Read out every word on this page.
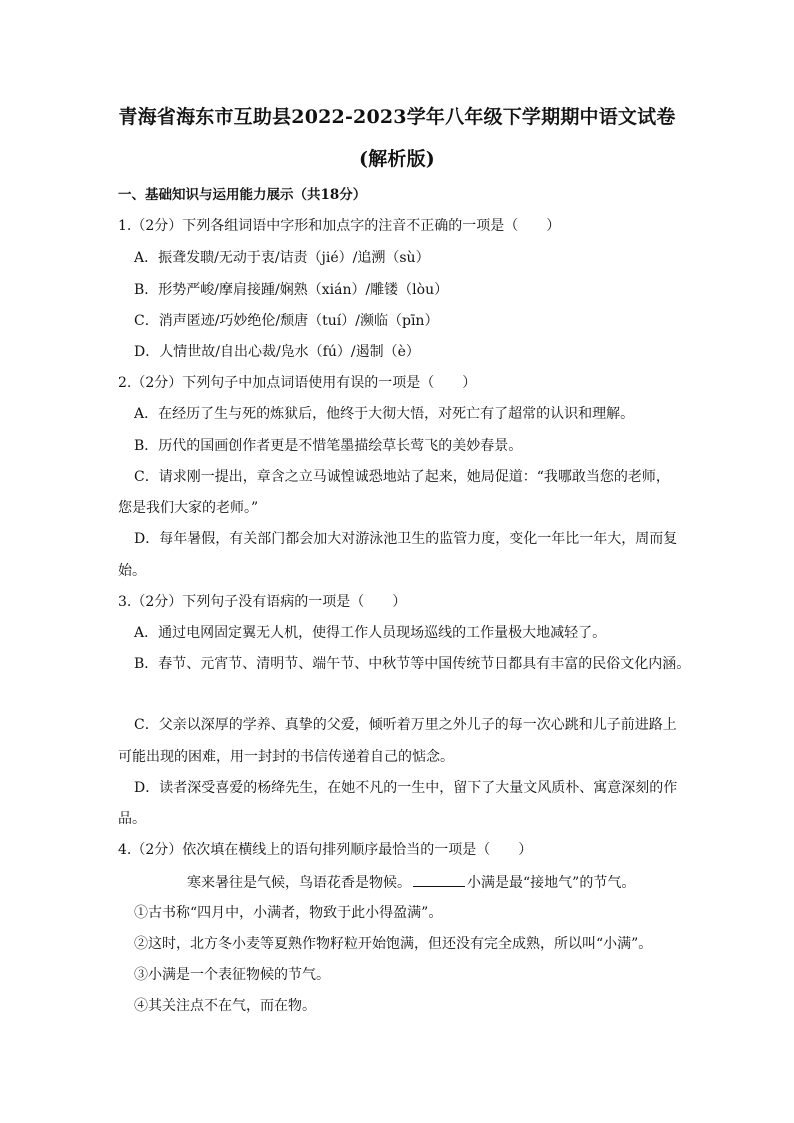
青海省海东市互助县2022-2023学年八年级下学期期中语文试卷
(解析版)
一、基础知识与运用能力展示（共18分）
1.（2分）下列各组词语中字形和加点字的注音不正确的一项是（　　）
A．振聋发聩/无动于衷/诘责（jié）/追溯（sù）
B．形势严峻/摩肩接踵/娴熟（xián）/雕镂（lòu）
C．消声匿迹/巧妙绝伦/颓唐（tuí）/濒临（pīn）
D．人情世故/自出心裁/凫水（fú）/遏制（è）
2.（2分）下列句子中加点词语使用有误的一项是（　　）
A．在经历了生与死的炼狱后，他终于大彻大悟，对死亡有了超常的认识和理解。
B．历代的国画创作者更是不惜笔墨描绘草长莺飞的美妙春景。
C．请求刚一提出，章含之立马诚惶诚恐地站了起来，她局促道：“我哪敢当您的老师，
您是我们大家的老师。”
D．每年暑假，有关部门都会加大对游泳池卫生的监管力度，变化一年比一年大，周而复
始。
3.（2分）下列句子没有语病的一项是（　　）
A．通过电网固定翼无人机，使得工作人员现场巡线的工作量极大地减轻了。
B．春节、元宵节、清明节、端午节、中秋节等中国传统节日都具有丰富的民俗文化内涵。
C．父亲以深厚的学养、真挚的父爱，倾听着万里之外儿子的每一次心跳和儿子前进路上
可能出现的困难，用一封封的书信传递着自己的惦念。
D．读者深受喜爱的杨绛先生，在她不凡的一生中，留下了大量文风质朴、寓意深刻的作
品。
4.（2分）依次填在横线上的语句排列顺序最恰当的一项是（　　）
寒来暑往是气候，鸟语花香是物候。	小满是最“接地气”的节气。
①古书称“四月中，小满者，物致于此小得盈满”。
②这时，北方冬小麦等夏熟作物籽粒开始饱满，但还没有完全成熟，所以叫“小满”。
③小满是一个表征物候的节气。
④其关注点不在气，而在物。
